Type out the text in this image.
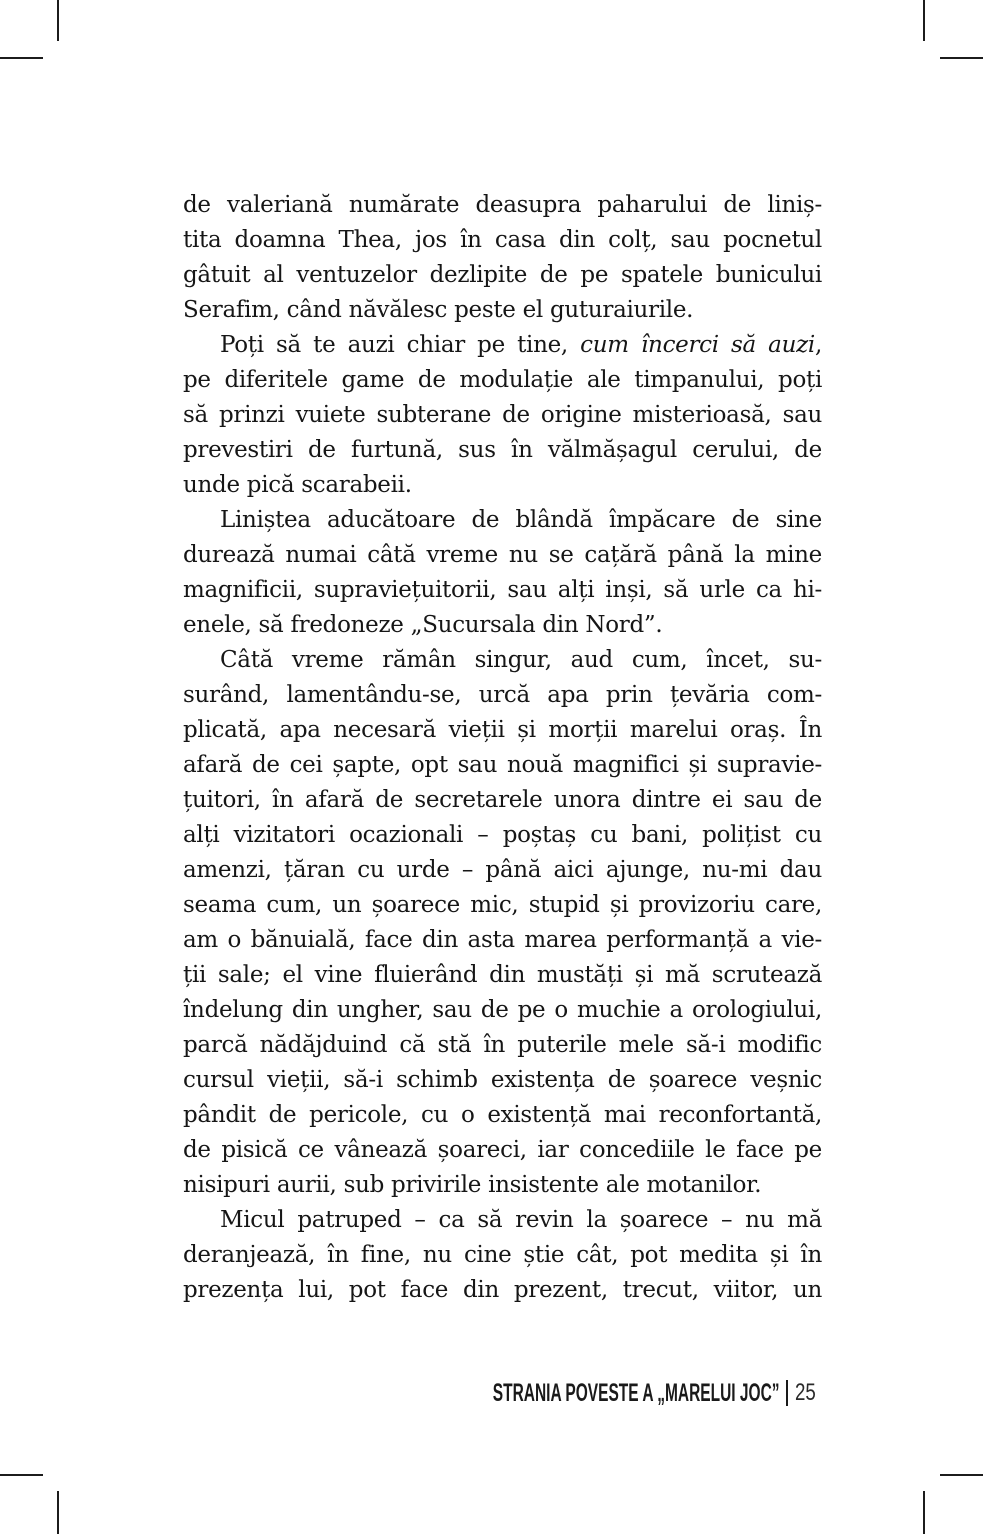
de valeriană numărate deasupra paharului de liniș-
tita doamna Thea, jos în casa din colț, sau pocnetul
gâtuit al ventuzelor dezlipite de pe spatele bunicului
Serafim, când năvălesc peste el guturaiurile.
Poți să te auzi chiar pe tine, cum încerci să auzi,
pe diferitele game de modulație ale timpanului, poți
să prinzi vuiete subterane de origine misterioasă, sau
prevestiri de furtună, sus în vălmășagul cerului, de
unde pică scarabeii.
Liniștea aducătoare de blândă împăcare de sine
durează numai câtă vreme nu se cațără până la mine
magnificii, supraviețuitorii, sau alți inși, să urle ca hi-
enele, să fredoneze „Sucursala din Nord”.
Câtă vreme rămân singur, aud cum, încet, su-
surând, lamentându-se, urcă apa prin țevăria com-
plicată, apa necesară vieții și morții marelui oraș. În
afară de cei șapte, opt sau nouă magnifici și supravie-
țuitori, în afară de secretarele unora dintre ei sau de
alți vizitatori ocazionali – poștaș cu bani, polițist cu
amenzi, țăran cu urde – până aici ajunge, nu-mi dau
seama cum, un șoarece mic, stupid și provizoriu care,
am o bănuială, face din asta marea performanță a vie-
ții sale; el vine fluierând din mustăți și mă scrutează
îndelung din ungher, sau de pe o muchie a orologiului,
parcă nădăjduind că stă în puterile mele să-i modific
cursul vieții, să-i schimb existența de șoarece veșnic
pândit de pericole, cu o existență mai reconfortantă,
de pisică ce vânează șoareci, iar concediile le face pe
nisipuri aurii, sub privirile insistente ale motanilor.
Micul patruped – ca să revin la șoarece – nu mă
deranjează, în fine, nu cine știe cât, pot medita și în
prezența lui, pot face din prezent, trecut, viitor, un
STRANIA POVESTE A „MARELUI JOC” 25
